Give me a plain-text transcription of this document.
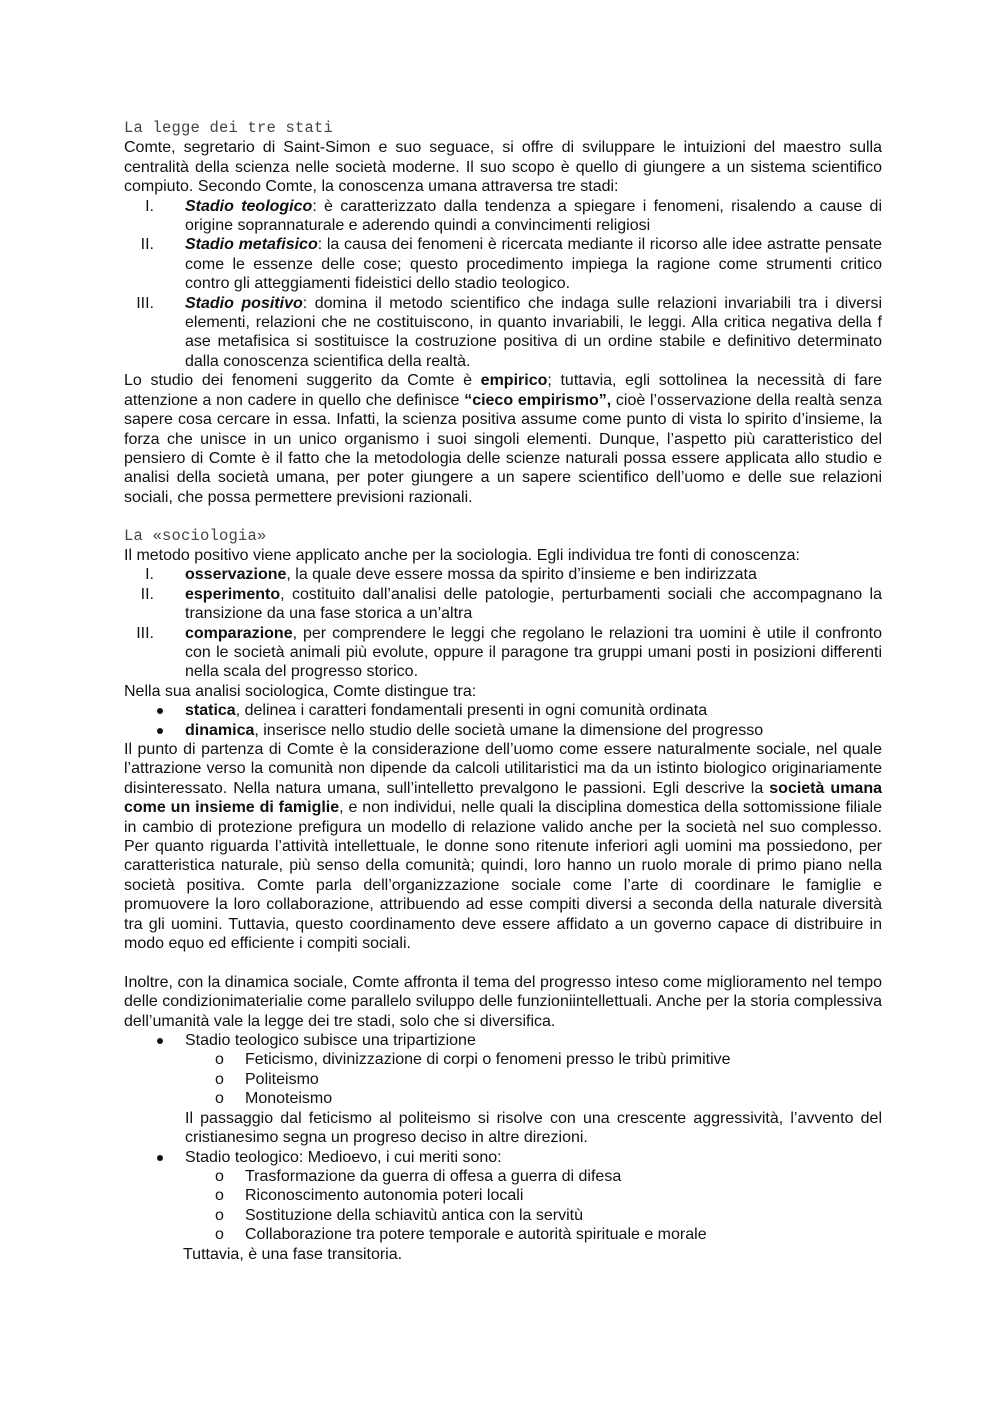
La legge dei tre stati

Comte, segretario di Saint-Simon e suo seguace, si offre di sviluppare le intuizioni del maestro sulla centralità della scienza nelle società moderne. Il suo scopo è quello di giungere a un sistema scientifico compiuto. Secondo Comte, la conoscenza umana attraversa tre stadi:

I. Stadio teologico: è caratterizzato dalla tendenza a spiegare i fenomeni, risalendo a cause di origine soprannaturale e aderendo quindi a convincimenti religiosi
II. Stadio metafisico: la causa dei fenomeni è ricercata mediante il ricorso alle idee astratte pensate come le essenze delle cose; questo procedimento impiega la ragione come strumenti critico contro gli atteggiamenti fideistici dello stadio teologico.
III. Stadio positivo: domina il metodo scientifico che indaga sulle relazioni invariabili tra i diversi elementi, relazioni che ne costituiscono, in quanto invariabili, le leggi. Alla critica negativa della f ase metafisica si sostituisce la costruzione positiva di un ordine stabile e definitivo determinato dalla conoscenza scientifica della realtà.

Lo studio dei fenomeni suggerito da Comte è empirico; tuttavia, egli sottolinea la necessità di fare attenzione a non cadere in quello che definisce “cieco empirismo”, cioè l’osservazione della realtà senza sapere cosa cercare in essa. Infatti, la scienza positiva assume come punto di vista lo spirito d’insieme, la forza che unisce in un unico organismo i suoi singoli elementi. Dunque, l’aspetto più caratteristico del pensiero di Comte è il fatto che la metodologia delle scienze naturali possa essere applicata allo studio e analisi della società umana, per poter giungere a un sapere scientifico dell’uomo e delle sue relazioni sociali, che possa permettere previsioni razionali.

La «sociologia»

Il metodo positivo viene applicato anche per la sociologia. Egli individua tre fonti di conoscenza:

I. osservazione, la quale deve essere mossa da spirito d’insieme e ben indirizzata
II. esperimento, costituito dall’analisi delle patologie, perturbamenti sociali che accompagnano la transizione da una fase storica a un’altra
III. comparazione, per comprendere le leggi che regolano le relazioni tra uomini è utile il confronto con le società animali più evolute, oppure il paragone tra gruppi umani posti in posizioni differenti nella scala del progresso storico.

Nella sua analisi sociologica, Comte distingue tra:

statica, delinea i caratteri fondamentali presenti in ogni comunità ordinata
dinamica, inserisce nello studio delle società umane la dimensione del progresso

Il punto di partenza di Comte è la considerazione dell’uomo come essere naturalmente sociale, nel quale l’attrazione verso la comunità non dipende da calcoli utilitaristici ma da un istinto biologico originariamente disinteressato. Nella natura umana, sull’intelletto prevalgono le passioni. Egli descrive la società umana come un insieme di famiglie, e non individui, nelle quali la disciplina domestica della sottomissione filiale in cambio di protezione prefigura un modello di relazione valido anche per la società nel suo complesso. Per quanto riguarda l’attività intellettuale, le donne sono ritenute inferiori agli uomini ma possiedono, per caratteristica naturale, più senso della comunità; quindi, loro hanno un ruolo morale di primo piano nella società positiva. Comte parla dell’organizzazione sociale come l’arte di coordinare le famiglie e promuovere la loro collaborazione, attribuendo ad esse compiti diversi a seconda della naturale diversità tra gli uomini. Tuttavia, questo coordinamento deve essere affidato a un governo capace di distribuire in modo equo ed efficiente i compiti sociali.

Inoltre, con la dinamica sociale, Comte affronta il tema del progresso inteso come miglioramento nel tempo delle condizionimaterialie come parallelo sviluppo delle funzioniintellettuali. Anche per la storia complessiva dell’umanità vale la legge dei tre stadi, solo che si diversifica.

Stadio teologico subisce una tripartizione
o Feticismo, divinizzazione di corpi o fenomeni presso le tribù primitive
o Politeismo
o Monoteismo
Il passaggio dal feticismo al politeismo si risolve con una crescente aggressività, l’avvento del cristianesimo segna un progreso deciso in altre direzioni.
Stadio teologico: Medioevo, i cui meriti sono:
o Trasformazione da guerra di offesa a guerra di difesa
o Riconoscimento autonomia poteri locali
o Sostituzione della schiavitù antica con la servitù
o Collaborazione tra potere temporale e autorità spirituale e morale
Tuttavia, è una fase transitoria.
